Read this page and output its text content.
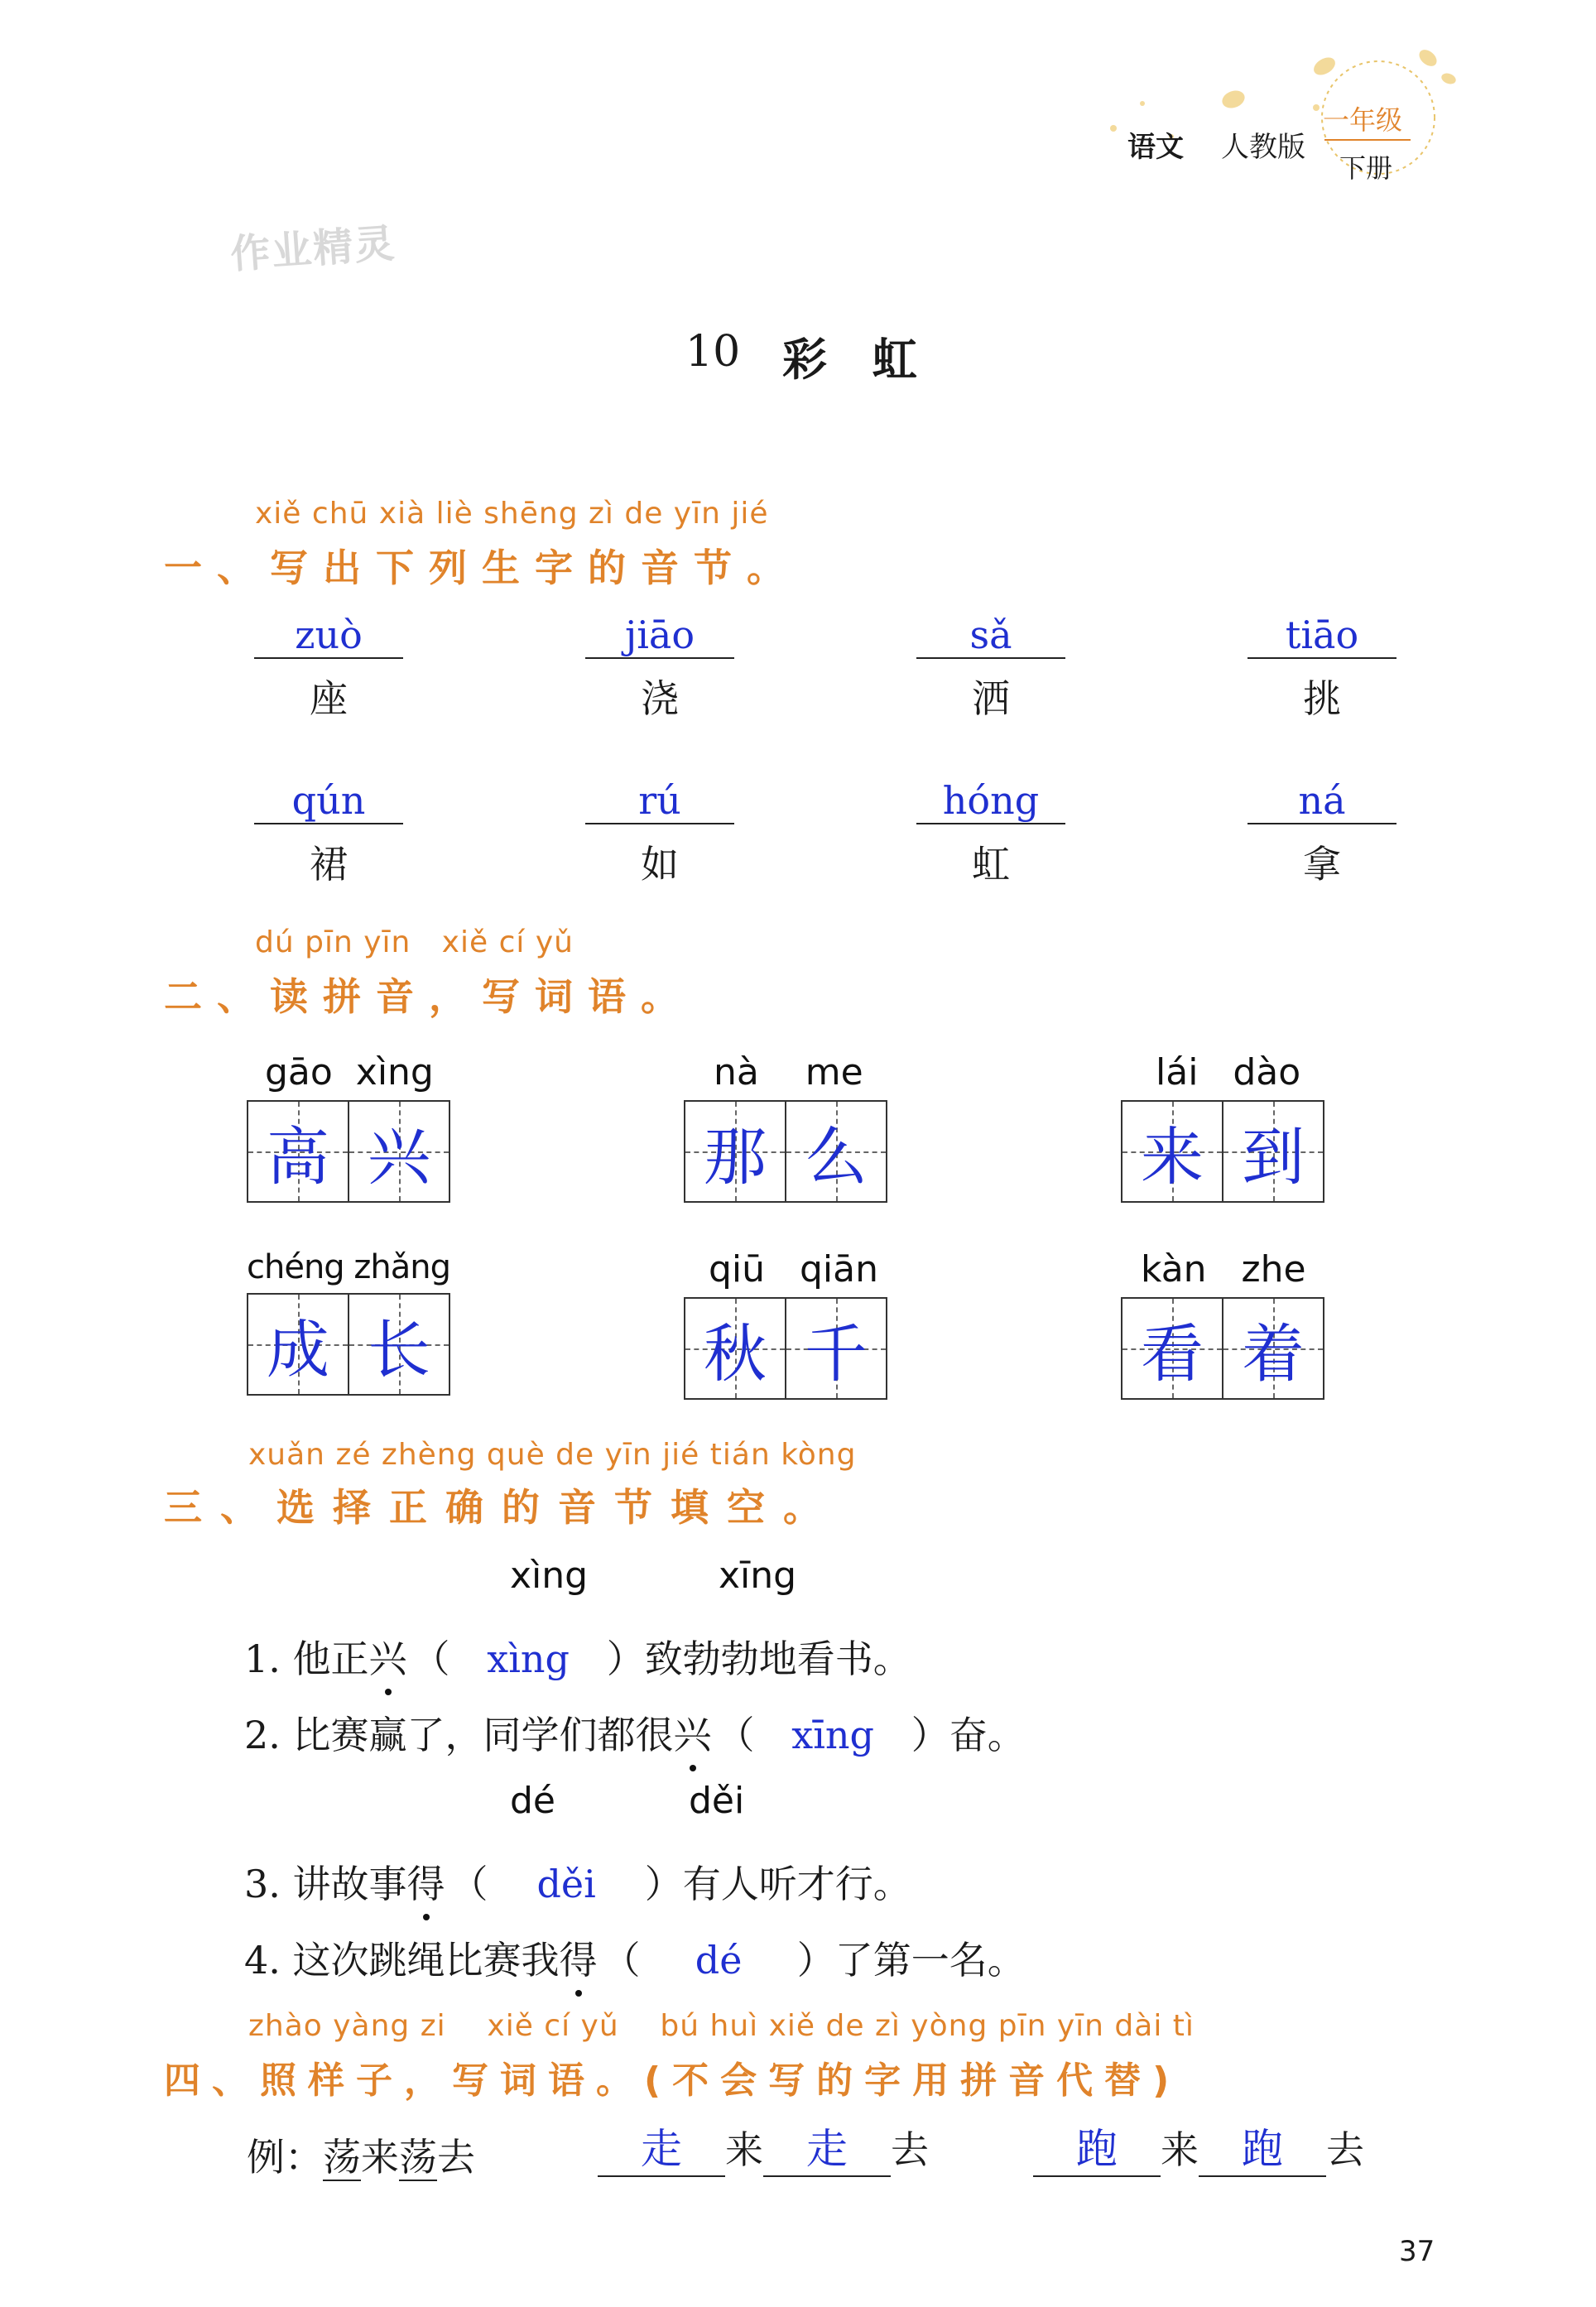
语文 人教版
一年级
下册
作业精灵
10 彩 虹
xiě chū xià liè shēng zì de yīn jié
一、写出下列生字的音节。
zuò
座
jiāo
浇
sǎ
洒
tiāo
挑
qún
裙
rú
如
hóng
虹
ná
拿
dú pīn yīn   xiě cí yǔ
二、读拼音，写词语。
gāo  xìng
高 兴
nà    me
那 么
lái   dào
来 到
chéng zhǎng
成 长
qiū   qiān
秋 千
kàn   zhe
看 着
xuǎn zé zhèng què de yīn jié tián kòng
三、选择正确的音节填空。
xìng	xīng
1. 他正兴 （ xìng ）致勃勃地看书。
2. 比赛赢了，同学们都很兴 （ xīng ）奋。
dé	děi
3. 讲故事得 （ děi ）有人听才行。
4. 这次跳绳比赛我得 （ dé ）了第一名。
zhào yàng zi    xiě cí yǔ    bú huì xiě de zì yòng pīn yīn dài tì
四、照样子，写词语。(不会写的字用拼音代替)
例：荡来荡去	走 来 走 去	跑 来 跑 去
37
